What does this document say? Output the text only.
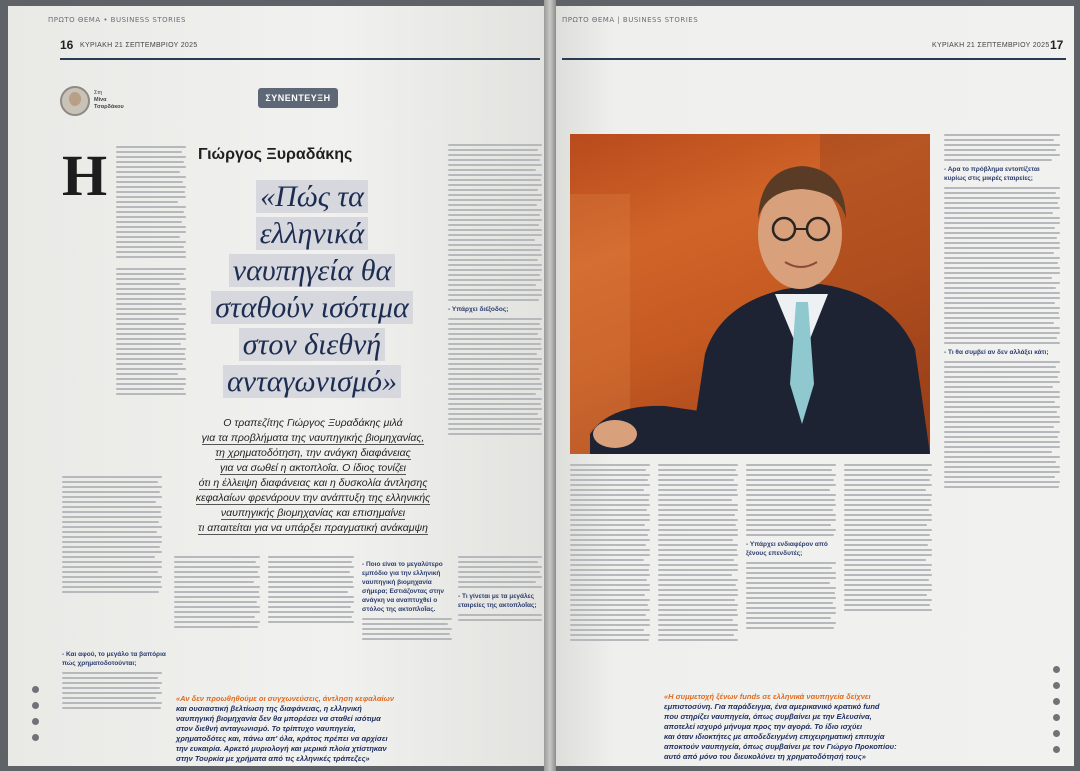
ΠΡΩΤΟ ΘΕΜΑ • BUSINESS STORIES
16 ΚΥΡΙΑΚΗ 21 ΣΕΠΤΕΜΒΡΙΟΥ 2025
Στη
Μίνα
Τσαρδάκου
ΣΥΝΕΝΤΕΥΞΗ
Η
- Και αφού, το μεγάλο τα βαπόρια πώς χρηματοδοτούνται;
Γιώργος Ξυραδάκης
«Πώς τα
ελληνικά
ναυπηγεία θα
σταθούν ισότιμα
στον διεθνή
ανταγωνισμό»
Ο τραπεζίτης Γιώργος Ξυραδάκης μιλά
για τα προβλήματα της ναυπηγικής βιομηχανίας,
τη χρηματοδότηση, την ανάγκη διαφάνειας
για να σωθεί η ακτοπλοΐα. Ο ίδιος τονίζει
ότι η έλλειψη διαφάνειας και η δυσκολία άντλησης
κεφαλαίων φρενάρουν την ανάπτυξη της ελληνικής
ναυπηγικής βιομηχανίας και επισημαίνει
τι απαιτείται για να υπάρξει πραγματική ανάκαμψη
- Υπάρχει διέξοδος;
- Ποιο είναι το μεγαλύτερο εμπόδιο για την ελληνική ναυπηγική βιομηχανία σήμερα; Εστιάζοντας στην ανάγκη να αναπτυχθεί ο στόλος της ακτοπλοΐας.
- Τι γίνεται με τα μεγάλες εταιρείες της ακτοπλοΐας;
«Αν δεν προωθηθούμε οι συγχωνεύσεις, άντληση κεφαλαίων
και ουσιαστική βελτίωση της διαφάνειας, η ελληνική
ναυπηγική βιομηχανία δεν θα μπορέσει να σταθεί ισότιμα
στον διεθνή ανταγωνισμό. Το τρίπτυχο ναυπηγεία,
χρηματοδότες και, πάνω απ' όλα, κράτος πρέπει να αρχίσει
την ευκαιρία. Αρκετό μυριολογή και μερικά πλοία χτίστηκαν
στην Τουρκία με χρήματα από τις ελληνικές τράπεζες»
ΠΡΩΤΟ ΘΕΜΑ | BUSINESS STORIES
ΚΥΡΙΑΚΗ 21 ΣΕΠΤΕΜΒΡΙΟΥ 2025 17
- Αρα το πρόβλημα εντοπίζεται κυρίως στις μικρές εταιρείες;
- Τι θα συμβεί αν δεν αλλάξει κάτι;
- Υπάρχει ενδιαφέρον από ξένους επενδυτές;
«Η συμμετοχή ξένων funds σε ελληνικά ναυπηγεία δείχνει
εμπιστοσύνη. Για παράδειγμα, ένα αμερικανικό κρατικό fund
που στηρίζει ναυπηγεία, όπως συμβαίνει με την Ελευσίνα,
αποτελεί ισχυρό μήνυμα προς την αγορά. Το ίδιο ισχύει
και όταν ιδιοκτήτες με αποδεδειγμένη επιχειρηματική επιτυχία
αποκτούν ναυπηγεία, όπως συμβαίνει με τον Γιώργο Προκοπίου:
αυτό από μόνο του διευκολύνει τη χρηματοδότησή τους»
